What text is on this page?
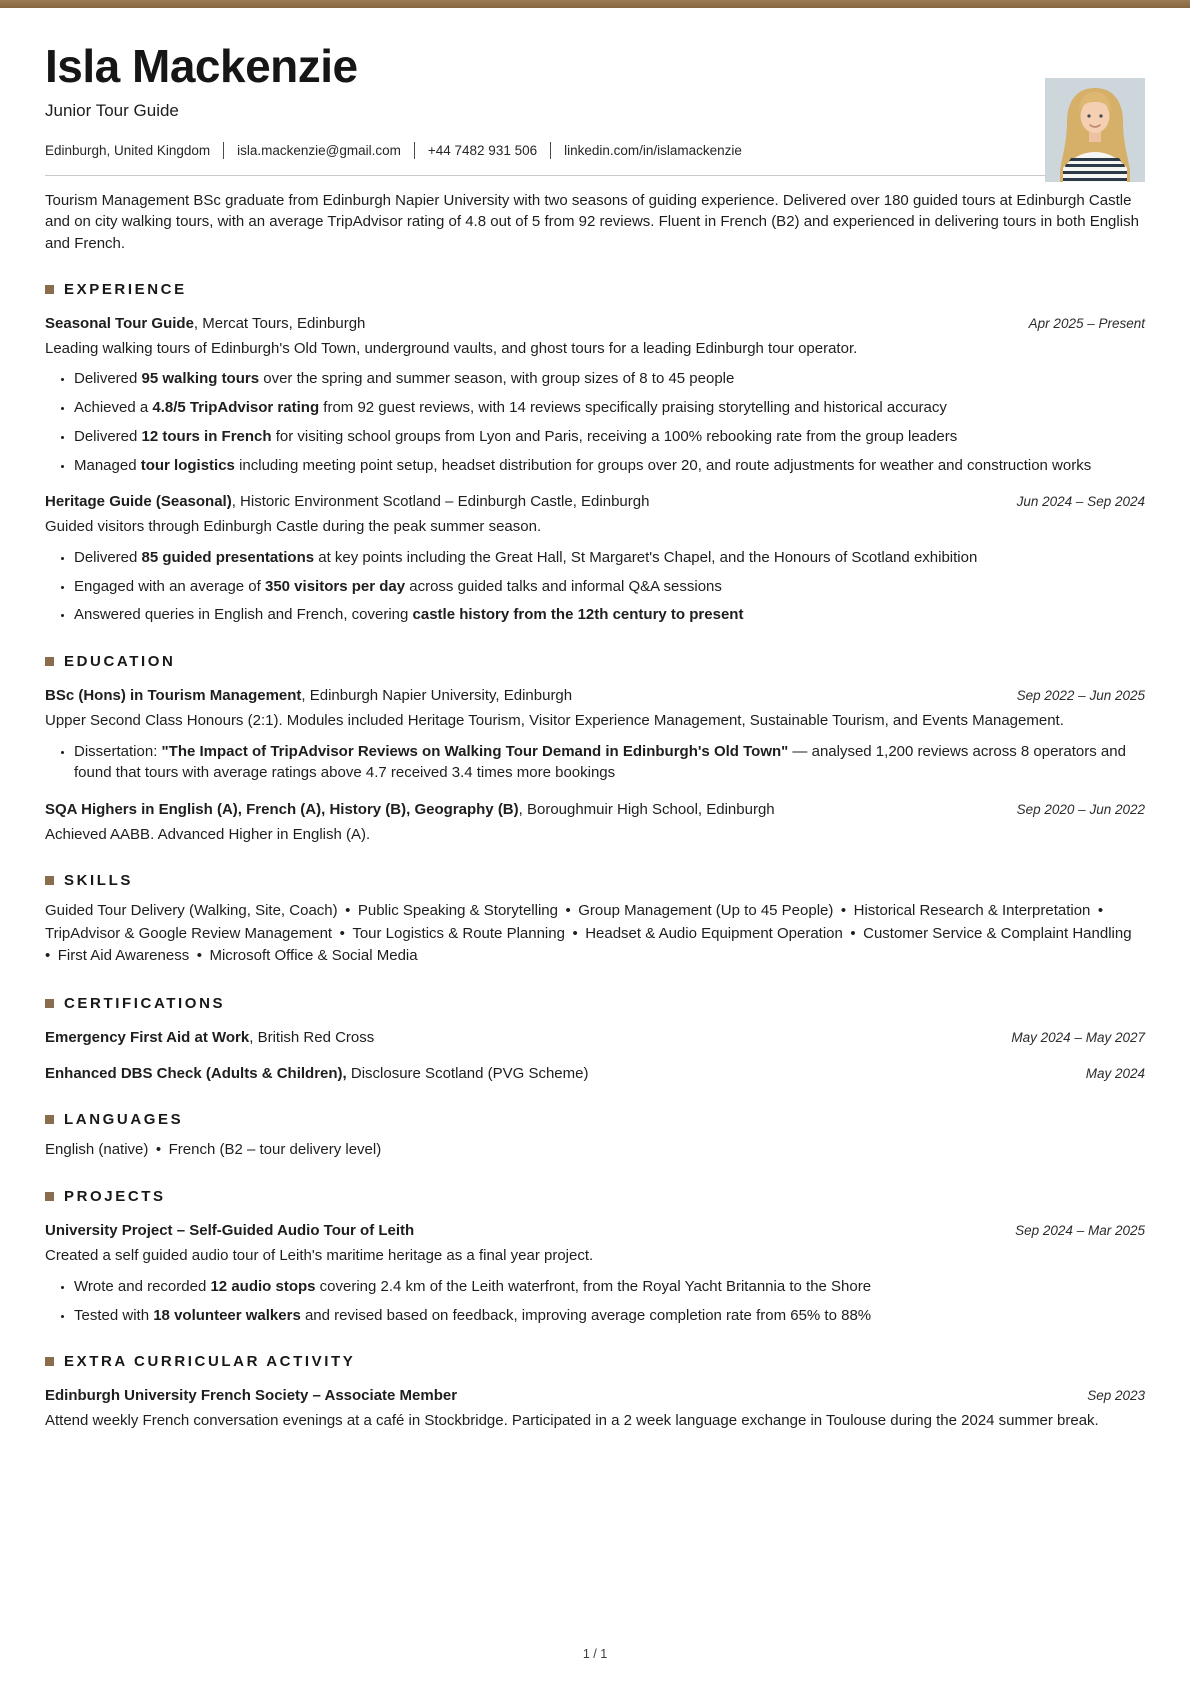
Isla Mackenzie

Junior Tour Guide

Edinburgh, United Kingdom isla.mackenzie@gmail.com +44 7482 931 506 linkedin.com/in/islamackenzie

Tourism Management BSc graduate from Edinburgh Napier University with two seasons of guiding experience. Delivered over 180 guided tours at Edinburgh Castle and on city walking tours, with an average TripAdvisor rating of 4.8 out of 5 from 92 reviews. Fluent in French (B2) and experienced in delivering tours in both English and French.

EXPERIENCE

Seasonal Tour Guide, Mercat Tours, Edinburgh	Apr 2025 – Present

Leading walking tours of Edinburgh's Old Town, underground vaults, and ghost tours for a leading Edinburgh tour operator.

• Delivered 95 walking tours over the spring and summer season, with group sizes of 8 to 45 people
• Achieved a 4.8/5 TripAdvisor rating from 92 guest reviews, with 14 reviews specifically praising storytelling and historical accuracy
• Delivered 12 tours in French for visiting school groups from Lyon and Paris, receiving a 100% rebooking rate from the group leaders
• Managed tour logistics including meeting point setup, headset distribution for groups over 20, and route adjustments for weather and construction works

Heritage Guide (Seasonal), Historic Environment Scotland – Edinburgh Castle, Edinburgh	Jun 2024 – Sep 2024

Guided visitors through Edinburgh Castle during the peak summer season.

• Delivered 85 guided presentations at key points including the Great Hall, St Margaret's Chapel, and the Honours of Scotland exhibition
• Engaged with an average of 350 visitors per day across guided talks and informal Q&A sessions
• Answered queries in English and French, covering castle history from the 12th century to present
EDUCATION

BSc (Hons) in Tourism Management, Edinburgh Napier University, Edinburgh	Sep 2022 – Jun 2025

Upper Second Class Honours (2:1). Modules included Heritage Tourism, Visitor Experience Management, Sustainable Tourism, and Events Management.

• Dissertation: "The Impact of TripAdvisor Reviews on Walking Tour Demand in Edinburgh's Old Town" — analysed 1,200 reviews across 8 operators and found that tours with average ratings above 4.7 received 3.4 times more bookings

SQA Highers in English (A), French (A), History (B), Geography (B), Boroughmuir High School, Edinburgh	Sep 2020 – Jun 2022

Achieved AABB. Advanced Higher in English (A).

SKILLS

Guided Tour Delivery (Walking, Site, Coach) • Public Speaking & Storytelling • Group Management (Up to 45 People) • Historical Research & Interpretation • TripAdvisor & Google Review Management • Tour Logistics & Route Planning • Headset & Audio Equipment Operation • Customer Service & Complaint Handling • First Aid Awareness • Microsoft Office & Social Media

CERTIFICATIONS

Emergency First Aid at Work, British Red Cross	May 2024 – May 2027

Enhanced DBS Check (Adults & Children), Disclosure Scotland (PVG Scheme)	May 2024
LANGUAGES

English (native) • French (B2 – tour delivery level)

PROJECTS

University Project – Self-Guided Audio Tour of Leith	Sep 2024 – Mar 2025

Created a self guided audio tour of Leith's maritime heritage as a final year project.

• Wrote and recorded 12 audio stops covering 2.4 km of the Leith waterfront, from the Royal Yacht Britannia to the Shore
• Tested with 18 volunteer walkers and revised based on feedback, improving average completion rate from 65% to 88%
EXTRA CURRICULAR ACTIVITY

Edinburgh University French Society – Associate Member	Sep 2023

Attend weekly French conversation evenings at a café in Stockbridge. Participated in a 2 week language exchange in Toulouse during the 2024 summer break.

1 / 1
